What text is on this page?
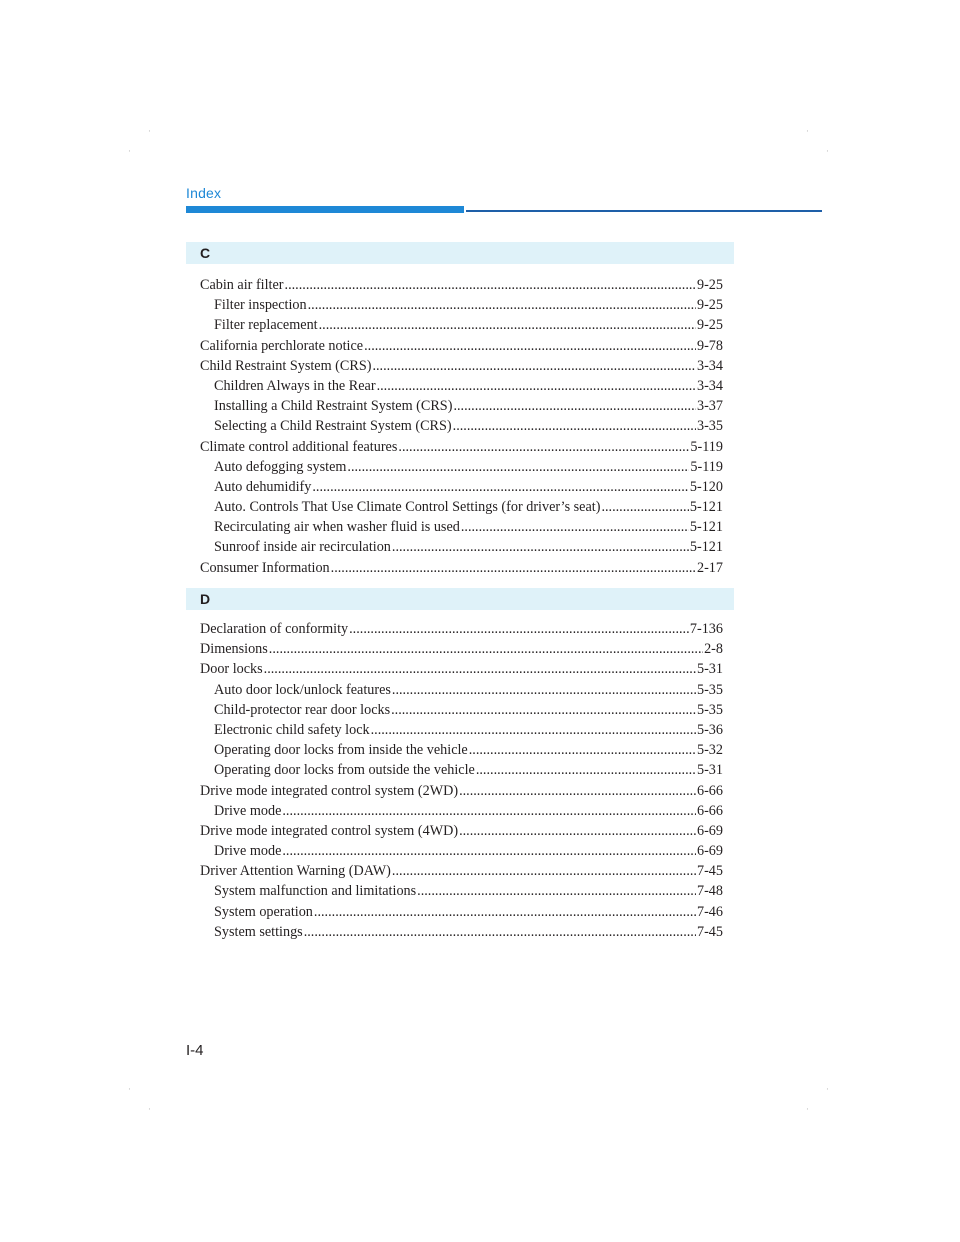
·	·
·	·
·	·
·	·
Index
C
Cabin air filter .....	9-25
Filter inspection .....	9-25
Filter replacement .....	9-25
California perchlorate notice .....	9-78
Child Restraint System (CRS) .....	3-34
Children Always in the Rear .....	3-34
Installing a Child Restraint System (CRS) .....	3-37
Selecting a Child Restraint System (CRS) .....	3-35
Climate control additional features .....	5-119
Auto defogging system .....	5-119
Auto dehumidify .....	5-120
Auto. Controls That Use Climate Control Settings (for driver’s seat) .....	5-121
Recirculating air when washer fluid is used .....	5-121
Sunroof inside air recirculation .....	5-121
Consumer Information .....	2-17
D
Declaration of conformity .....	7-136
Dimensions .....	2-8
Door locks .....	5-31
Auto door lock/unlock features .....	5-35
Child-protector rear door locks .....	5-35
Electronic child safety lock .....	5-36
Operating door locks from inside the vehicle .....	5-32
Operating door locks from outside the vehicle .....	5-31
Drive mode integrated control system (2WD) .....	6-66
Drive mode .....	6-66
Drive mode integrated control system (4WD) .....	6-69
Drive mode .....	6-69
Driver Attention Warning (DAW) .....	7-45
System malfunction and limitations .....	7-48
System operation .....	7-46
System settings .....	7-45
I-4
